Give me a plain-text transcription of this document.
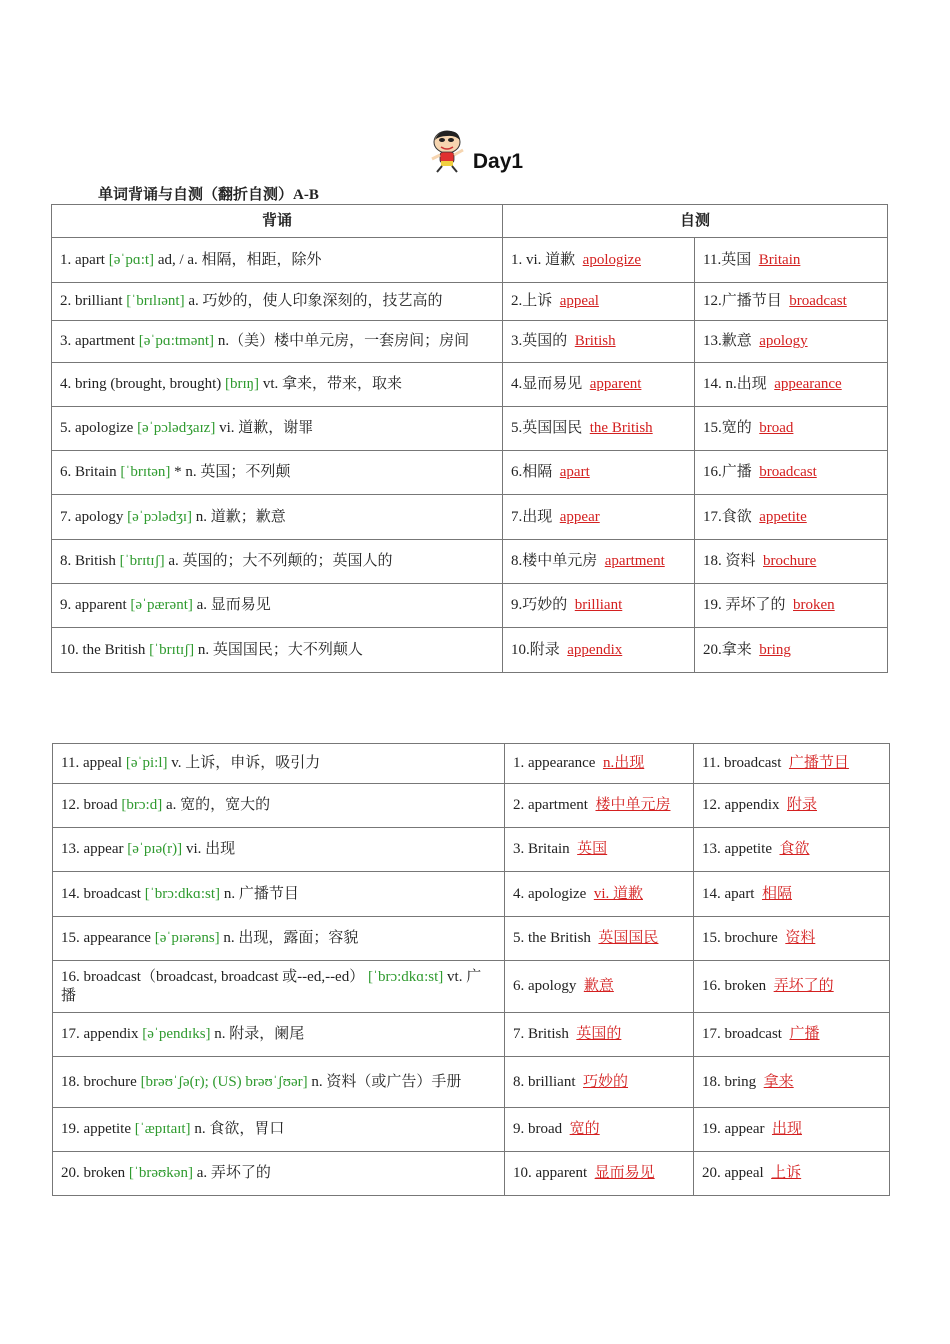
Day1
单词背诵与自测（翻折自测）A-B
背诵	自测	
1. apart [əˈpɑ:t] ad, / a. 相隔，相距，除外	1. vi. 道歉 apologize	11.英国 Britain
2. brilliant [ˈbrɪlɪənt] a. 巧妙的，使人印象深刻的，技艺高的	2.上诉 appeal	12.广播节目 broadcast
3. apartment [əˈpɑ:tmənt] n.（美）楼中单元房，一套房间；房间	3.英国的 British	13.歉意 apology
4. bring (brought, brought) [brɪŋ] vt. 拿来，带来，取来	4.显而易见 apparent	14. n.出现 appearance
5. apologize [əˈpɔlədʒaɪz] vi. 道歉，谢罪	5.英国国民 the British	15.宽的 broad
6. Britain [ˈbrɪtən] * n. 英国；不列颠	6.相隔 apart	16.广播 broadcast
7. apology [əˈpɔlədʒɪ] n. 道歉；歉意	7.出现 appear	17.食欲 appetite
8. British [ˈbrɪtɪʃ] a. 英国的；大不列颠的；英国人的	8.楼中单元房 apartment	18. 资料 brochure
9. apparent [əˈpærənt] a. 显而易见	9.巧妙的 brilliant	19. 弄坏了的 broken
10. the British [ˈbrɪtɪʃ] n. 英国国民；大不列颠人	10.附录 appendix	20.拿来 bring
11. appeal [əˈpi:l] v. 上诉，申诉，吸引力	1. appearance n.出现	11. broadcast 广播节目
12. broad [brɔ:d] a. 宽的，宽大的	2. apartment 楼中单元房	12. appendix 附录
13. appear [əˈpɪə(r)] vi. 出现	3. Britain 英国	13. appetite 食欲
14. broadcast [ˈbrɔ:dkɑ:st] n. 广播节目	4. apologize vi. 道歉	14. apart 相隔
15. appearance [əˈpɪərəns] n. 出现，露面；容貌	5. the British 英国国民	15. brochure 资料
16. broadcast（broadcast, broadcast 或--ed,--ed） [ˈbrɔ:dkɑ:st] vt. 广播	6. apology 歉意	16. broken 弄坏了的
17. appendix [əˈpendɪks] n. 附录，阑尾	7. British 英国的	17. broadcast 广播
18. brochure [brəʊˈʃə(r); (US) brəʊˈʃʊər] n. 资料（或广告）手册	8. brilliant 巧妙的	18. bring 拿来
19. appetite [ˈæpɪtaɪt] n. 食欲，胃口	9. broad 宽的	19. appear 出现
20. broken [ˈbrəʊkən] a. 弄坏了的	10. apparent 显而易见	20. appeal 上诉
